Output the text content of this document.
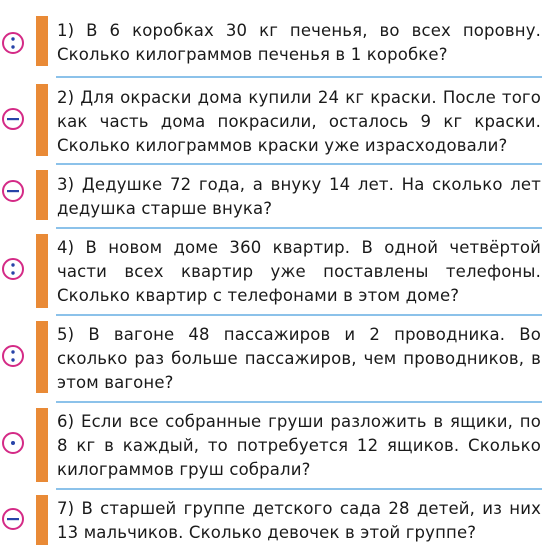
1) В 6 коробках 30 кг печенья, во всех поровну. Сколько килограммов печенья в 1 коробке?
2) Для окраски дома купили 24 кг краски. После того как часть дома покрасили, осталось 9 кг краски. Сколько килограммов краски уже израсходовали?
3) Дедушке 72 года, а внуку 14 лет. На сколько лет дедушка старше внука?
4) В новом доме 360 квартир. В одной четвёртой части всех квартир уже поставлены телефоны. Сколько квартир с телефонами в этом доме?
5) В вагоне 48 пассажиров и 2 проводника. Во сколько раз больше пассажиров, чем проводников, в этом вагоне?
6) Если все собранные груши разложить в ящики, по 8 кг в каждый, то потребуется 12 ящиков. Сколько килограммов груш собрали?
7) В старшей группе детского сада 28 детей, из них 13 мальчиков. Сколько девочек в этой группе?
